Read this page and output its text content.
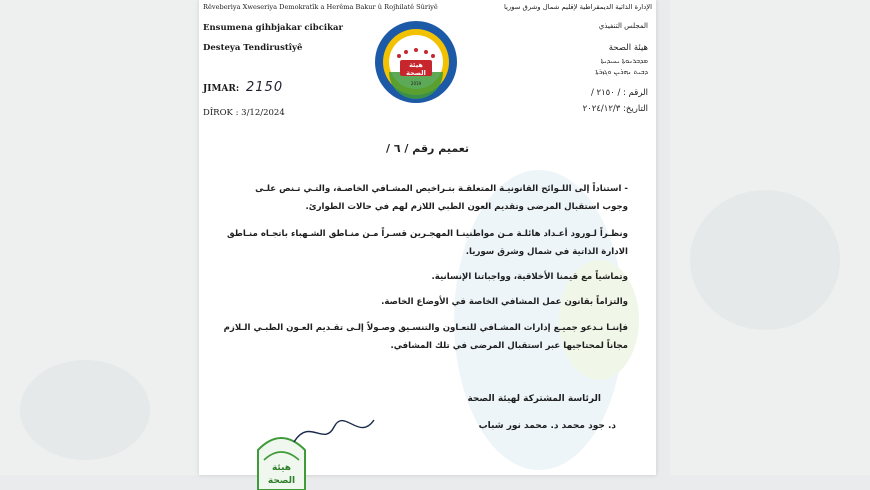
Rêveberiya Xweseriya Demokratîk a Herêma Bakur û Rojhilatê Sûriyê
Ensumena gihbjakar cibcikar
Desteya Tendirustîyê
JIMAR: 2150
DÎROK : 3/12/2024
هيئة
الصحة
2019
الإدارة الذاتية الديمقراطية لإقليم شمال وشرق سوريا
المجلس التنفيذي
هيئة الصحة
ܡܕܒܪܢܘܬܐ ܝܚܝܕܝܬܐ
ܕܒܝܬ ܢܗܪܝܢ ܘܓܙܪܬܐ
الرقم : / ٢١٥٠ /
التاريخ: ٢٠٢٤/١٢/٣
تعميم رقم / ٦ /
- استناداً إلى اللـوائح القانونيـة المتعلقـة بتـراخيص المشـافي الخاصـة، والتـي تـنص علـى
وجوب استقبال المرضى وتقديم العون الطبي اللازم لهم في حالات الطوارئ.
ونظـراً لـورود أعـداد هائلـة مـن مواطنينـا المهجـرين قسـراً مـن منـاطق الشـهباء باتجـاه منـاطق
الادارة الذاتية في شمال وشرق سوريا.
وتماشياً مع قيمنا الأخلاقية، وواجباتنا الإنسانية.
والتزاماً بقانون عمل المشافي الخاصة في الأوضاع الخاصة.
فإننـا نـدعو جميـع إدارات المشـافي للتعـاون والتنسـيق وصـولاً إلـى تقـديم العـون الطبـي الـلازم
مجاناً لمحتاجيها عبر استقبال المرضى في تلك المشافي.
الرئاسة المشتركة لهيئة الصحة
د. جود محمد د. محمد نور شباب
هيئة
الصحة
